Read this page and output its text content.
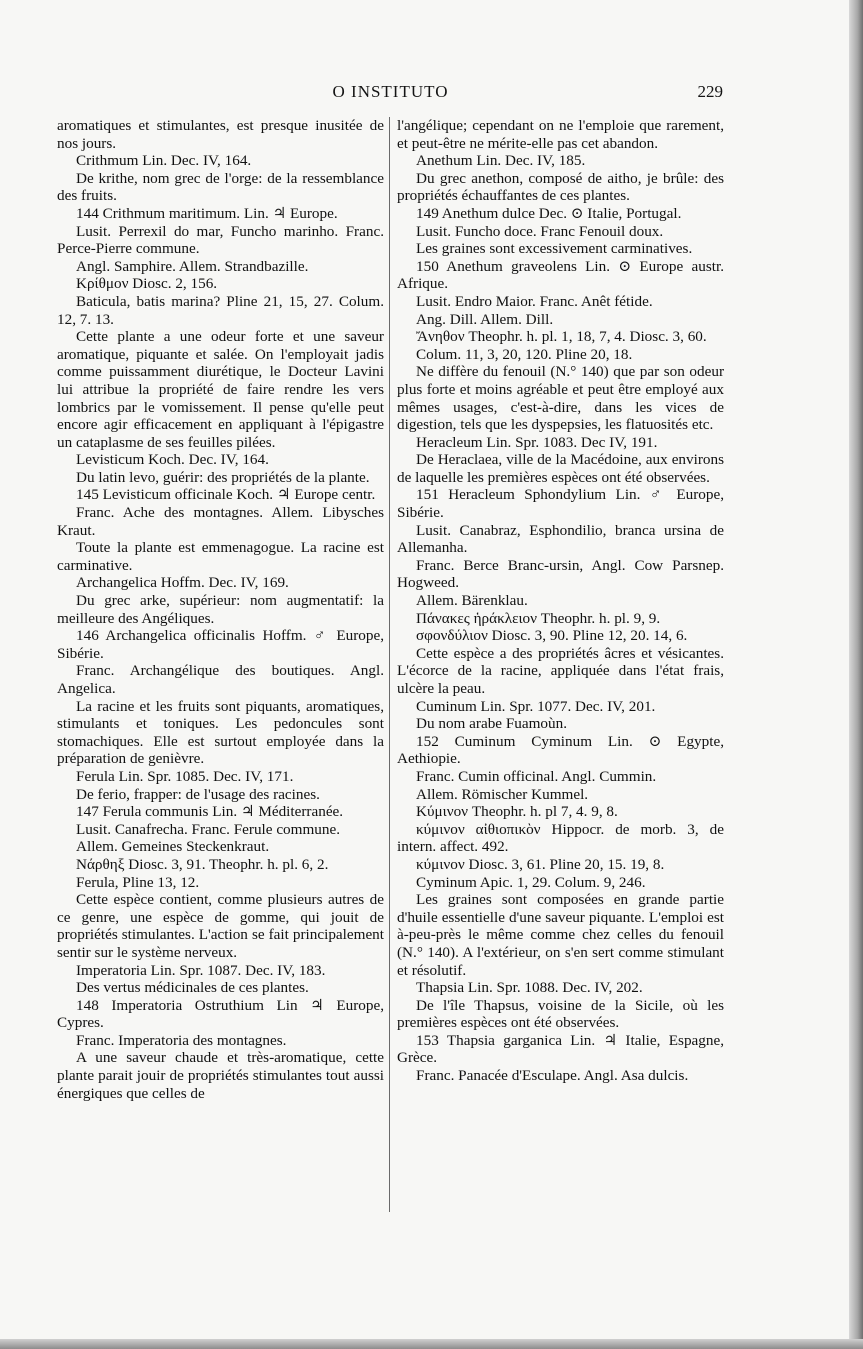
O INSTITUTO	229

aromatiques et stimulantes, est presque inusitée de nos jours.

Crithmum Lin. Dec. IV, 164.

De krithe, nom grec de l'orge: de la ressemblance des fruits.

144 Crithmum maritimum. Lin. ♃ Europe.

Lusit. Perrexil do mar, Funcho marinho. Franc. Perce-Pierre commune.

Angl. Samphire. Allem. Strandbazille.

Κρίθμον Diosc. 2, 156.

Baticula, batis marina? Pline 21, 15, 27. Colum. 12, 7. 13.

Cette plante a une odeur forte et une saveur aromatique, piquante et salée. On l'employait jadis comme puissamment diurétique, le Docteur Lavini lui attribue la propriété de faire rendre les vers lombrics par le vomissement. Il pense qu'elle peut encore agir efficacement en appliquant à l'épigastre un cataplasme de ses feuilles pilées.

Levisticum Koch. Dec. IV, 164.

Du latin levo, guérir: des propriétés de la plante.

145 Levisticum officinale Koch. ♃ Europe centr.

Franc. Ache des montagnes. Allem. Libysches Kraut.

Toute la plante est emmenagogue. La racine est carminative.

Archangelica Hoffm. Dec. IV, 169.

Du grec arke, supérieur: nom augmentatif: la meilleure des Angéliques.

146 Archangelica officinalis Hoffm. ♂ Europe, Sibérie.

Franc. Archangélique des boutiques. Angl. Angelica.

La racine et les fruits sont piquants, aromatiques, stimulants et toniques. Les pedoncules sont stomachiques. Elle est surtout employée dans la préparation de genièvre.

Ferula Lin. Spr. 1085. Dec. IV, 171.

De ferio, frapper: de l'usage des racines.

147 Ferula communis Lin. ♃ Méditerranée.

Lusit. Canafrecha. Franc. Ferule commune.

Allem. Gemeines Steckenkraut.

Νάρθηξ Diosc. 3, 91. Theophr. h. pl. 6, 2.

Ferula, Pline 13, 12.

Cette espèce contient, comme plusieurs autres de ce genre, une espèce de gomme, qui jouit de propriétés stimulantes. L'action se fait principalement sentir sur le système nerveux.

Imperatoria Lin. Spr. 1087. Dec. IV, 183.

Des vertus médicinales de ces plantes.

148 Imperatoria Ostruthium Lin ♃ Europe, Cypres.

Franc. Imperatoria des montagnes.

A une saveur chaude et très-aromatique, cette plante parait jouir de propriétés stimulantes tout aussi énergiques que celles de

l'angélique; cependant on ne l'emploie que rarement, et peut-être ne mérite-elle pas cet abandon.

Anethum Lin. Dec. IV, 185.

Du grec anethon, composé de aitho, je brûle: des propriétés échauffantes de ces plantes.

149 Anethum dulce Dec. ⊙ Italie, Portugal.

Lusit. Funcho doce. Franc Fenouil doux.

Les graines sont excessivement carminatives.

150 Anethum graveolens Lin. ⊙ Europe austr. Afrique.

Lusit. Endro Maior. Franc. Anêt fétide.

Ang. Dill. Allem. Dill.

Ἄνηθον Theophr. h. pl. 1, 18, 7, 4. Diosc. 3, 60.

Colum. 11, 3, 20, 120. Pline 20, 18.

Ne diffère du fenouil (N.° 140) que par son odeur plus forte et moins agréable et peut être employé aux mêmes usages, c'est-à-dire, dans les vices de digestion, tels que les dyspepsies, les flatuosités etc.

Heracleum Lin. Spr. 1083. Dec IV, 191.

De Heraclaea, ville de la Macédoine, aux environs de laquelle les premières espèces ont été observées.

151 Heracleum Sphondylium Lin. ♂ Europe, Sibérie.

Lusit. Canabraz, Esphondilio, branca ursina de Allemanha.

Franc. Berce Branc-ursin, Angl. Cow Parsnep. Hogweed.

Allem. Bärenklau.

Πάνακες ἡράκλειον Theophr. h. pl. 9, 9.

σφονδύλιον Diosc. 3, 90. Pline 12, 20. 14, 6.

Cette espèce a des propriétés âcres et vésicantes. L'écorce de la racine, appliquée dans l'état frais, ulcère la peau.

Cuminum Lin. Spr. 1077. Dec. IV, 201.

Du nom arabe Fuamoùn.

152 Cuminum Cyminum Lin. ⊙ Egypte, Aethiopie.

Franc. Cumin officinal. Angl. Cummin.

Allem. Römischer Kummel.

Κύμινον Theophr. h. pl 7, 4. 9, 8.

κύμινον αἰθιοπικὸν Hippocr. de morb. 3, de intern. affect. 492.

κύμινον Diosc. 3, 61. Pline 20, 15. 19, 8.

Cyminum Apic. 1, 29. Colum. 9, 246.

Les graines sont composées en grande partie d'huile essentielle d'une saveur piquante. L'emploi est à-peu-près le même comme chez celles du fenouil (N.° 140). A l'extérieur, on s'en sert comme stimulant et résolutif.

Thapsia Lin. Spr. 1088. Dec. IV, 202.

De l'île Thapsus, voisine de la Sicile, où les premières espèces ont été observées.

153 Thapsia garganica Lin. ♃ Italie, Espagne, Grèce.

Franc. Panacée d'Esculape. Angl. Asa dulcis.
